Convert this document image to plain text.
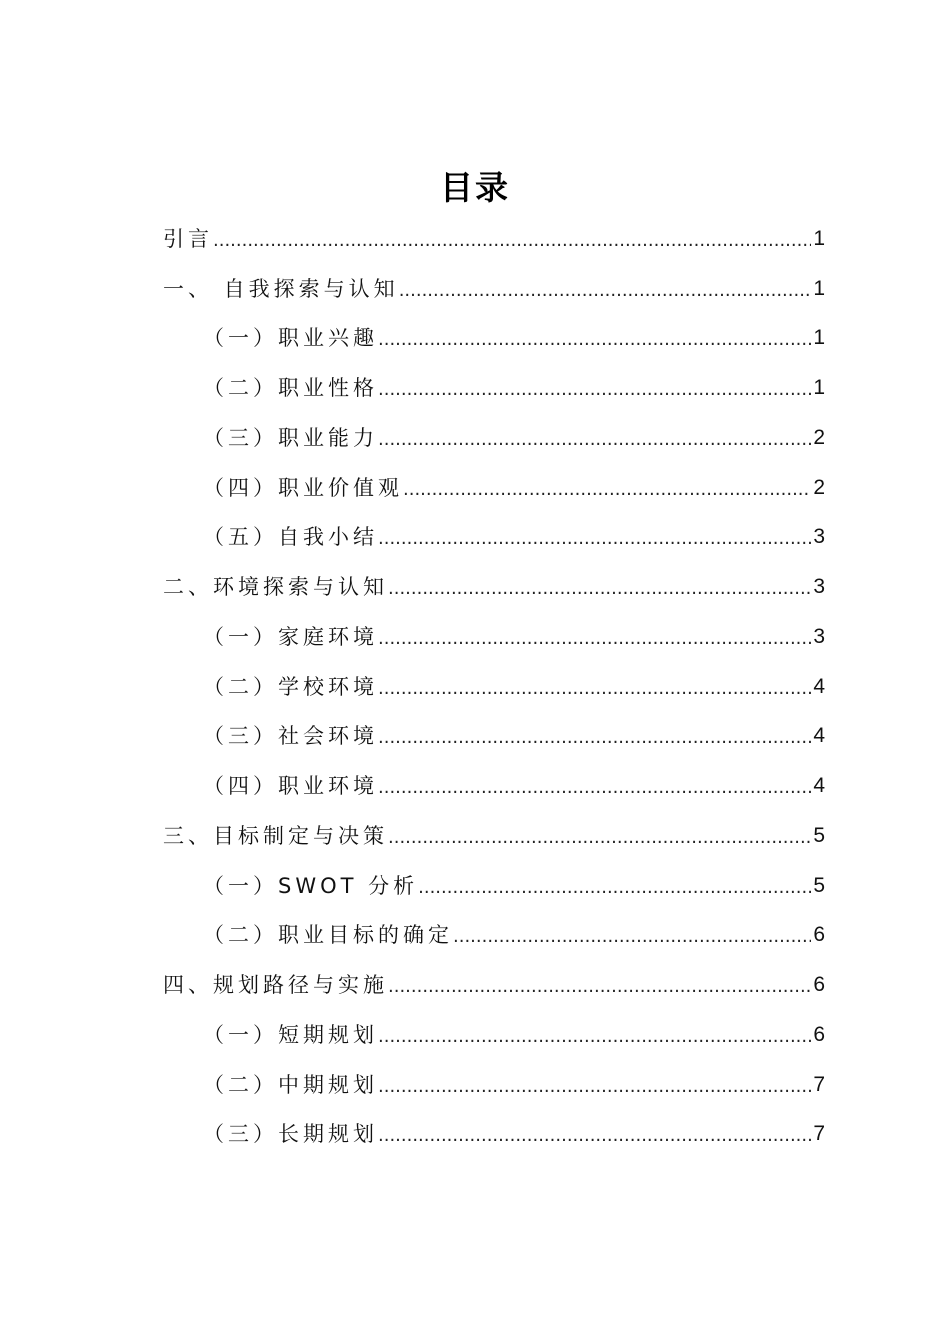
目录
引言 .....	1
一、 自我探索与认知 .....	1
（一）职业兴趣 .....	1
（二）职业性格 .....	1
（三）职业能力 .....	2
（四）职业价值观 .....	2
（五）自我小结 .....	3
二、环境探索与认知 .....	3
（一）家庭环境 .....	3
（二）学校环境 .....	4
（三）社会环境 .....	4
（四）职业环境 .....	4
三、目标制定与决策 .....	5
（一）SWOT 分析 .....	5
（二）职业目标的确定 .....	6
四、规划路径与实施 .....	6
（一）短期规划 .....	6
（二）中期规划 .....	7
（三）长期规划 .....	7
